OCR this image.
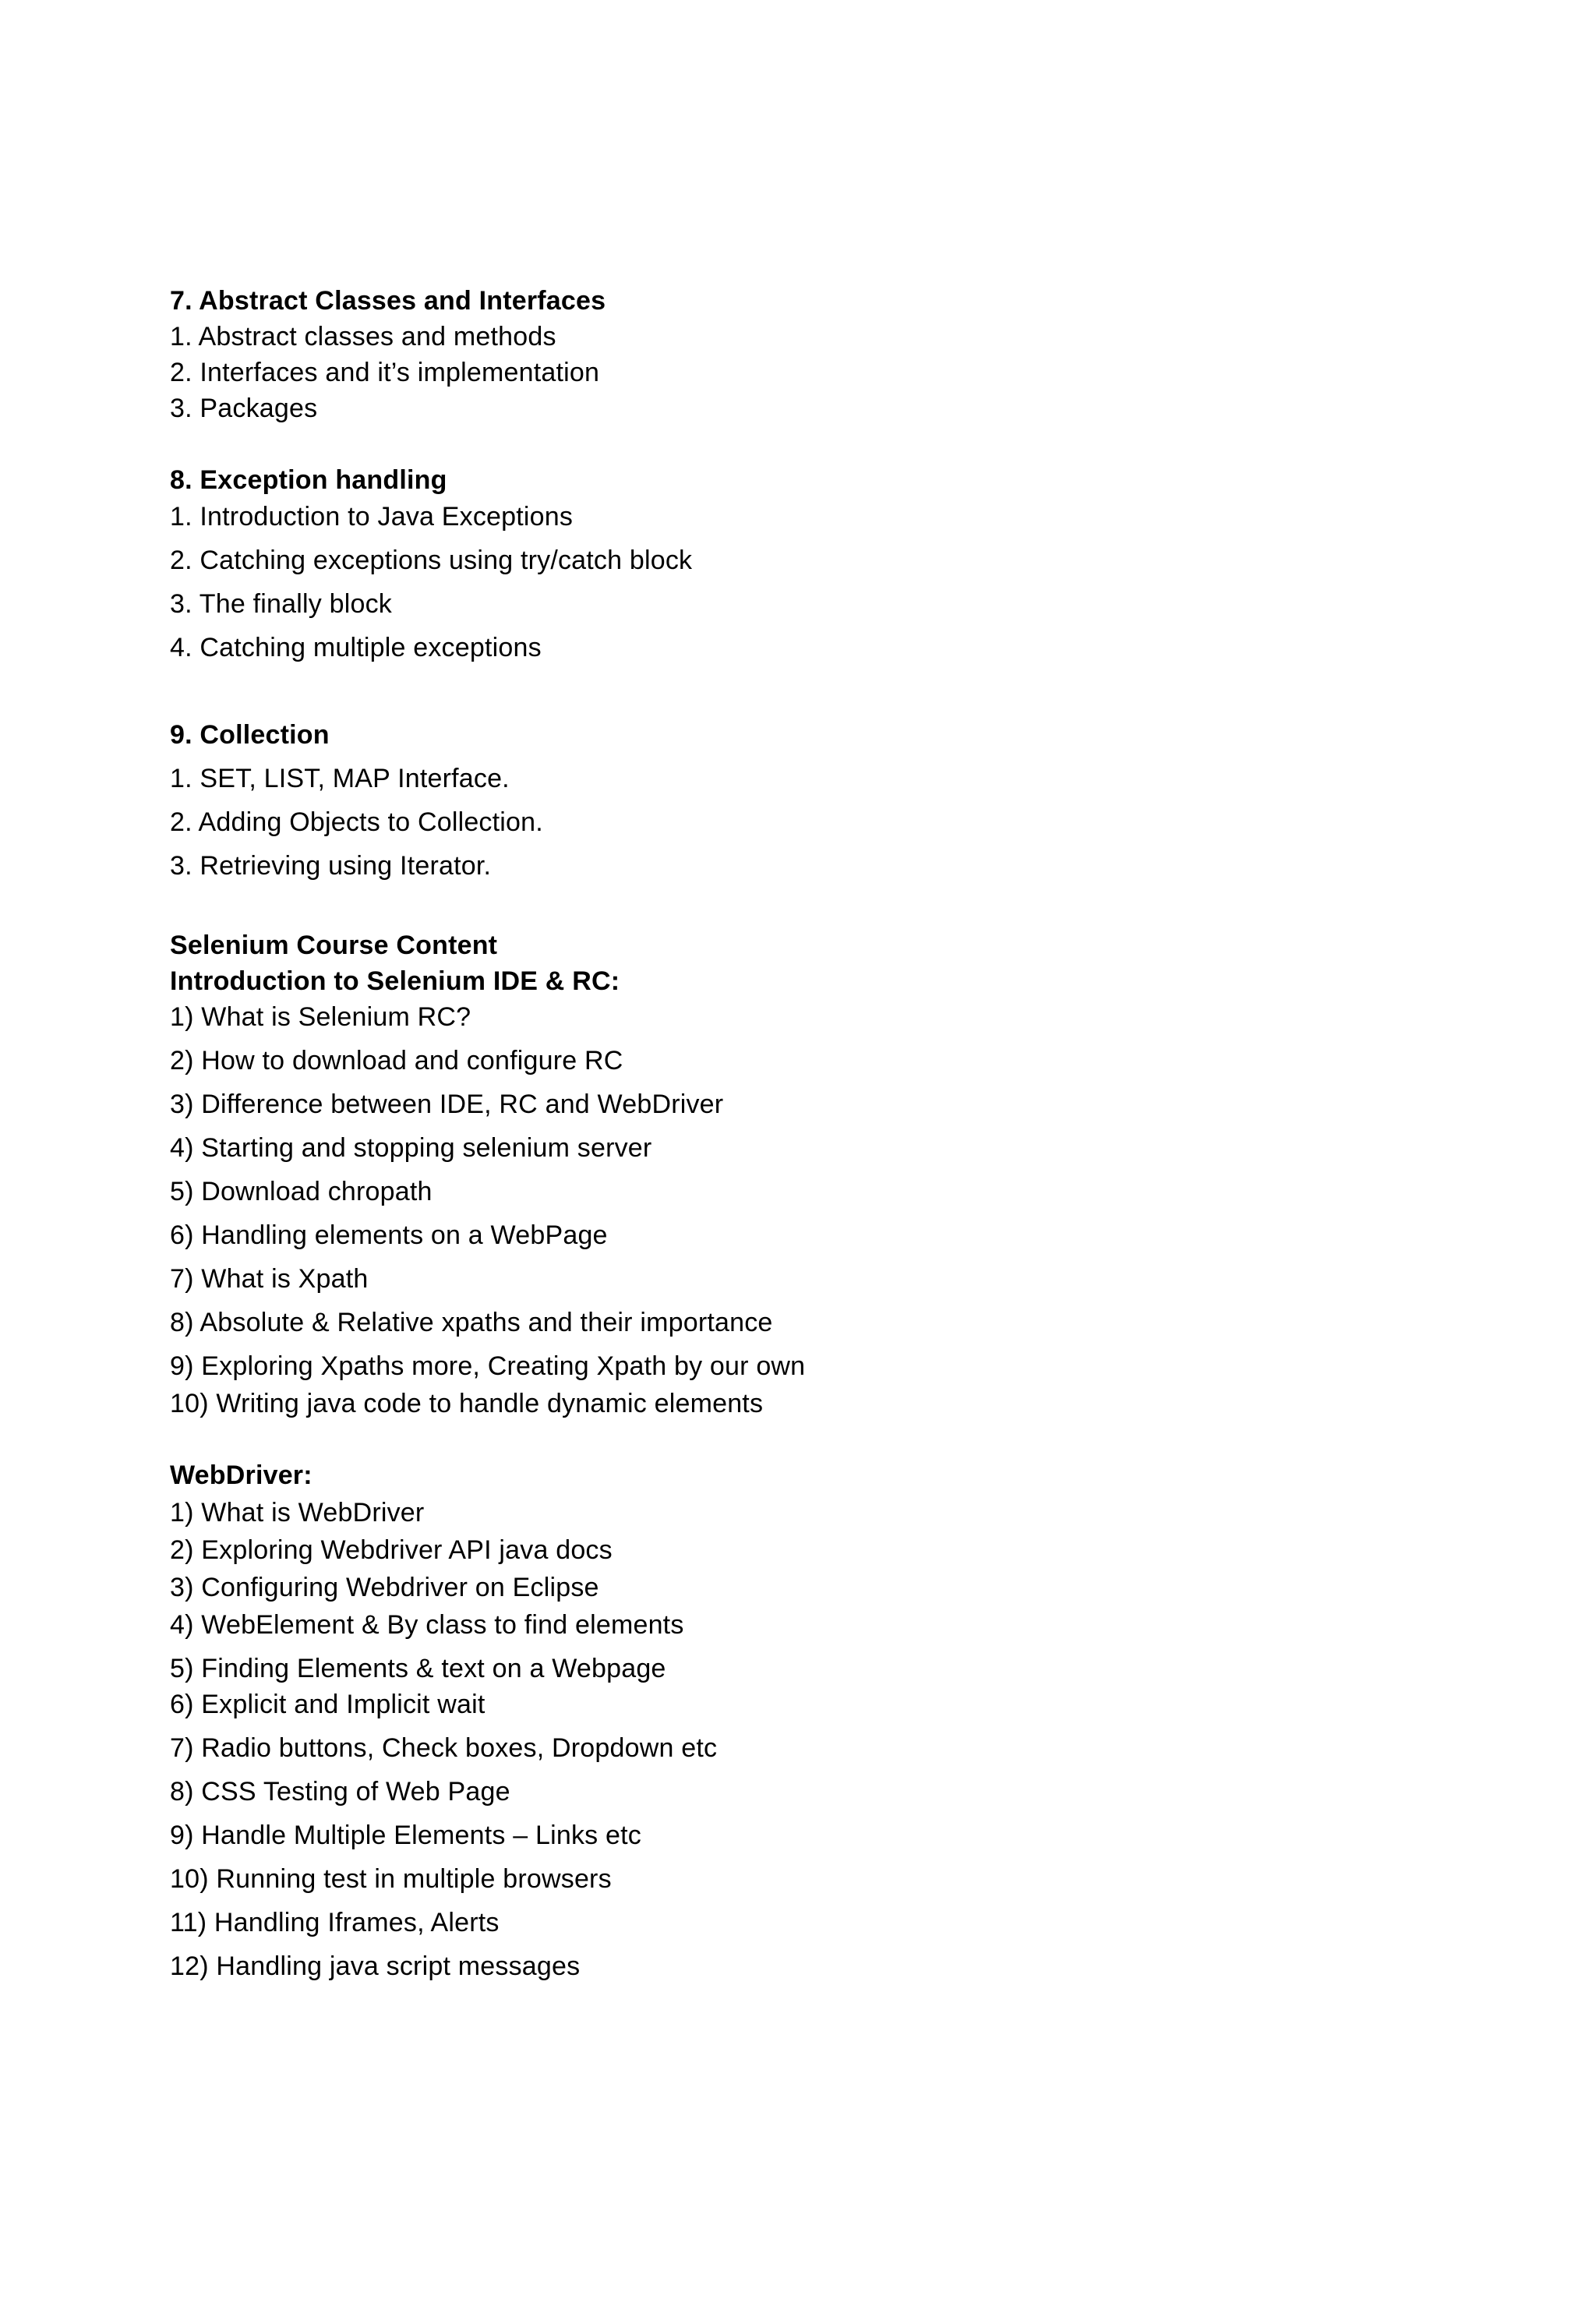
7. Abstract Classes and Interfaces
1. Abstract classes and methods
2. Interfaces and it’s implementation
3. Packages
8. Exception handling
1. Introduction to Java Exceptions
2. Catching exceptions using try/catch block
3. The finally block
4. Catching multiple exceptions
9. Collection
1. SET, LIST, MAP Interface.
2. Adding Objects to Collection.
3. Retrieving using Iterator.
Selenium Course Content
Introduction to Selenium IDE & RC:
1) What is Selenium RC?
2) How to download and configure RC
3) Difference between IDE, RC and WebDriver
4) Starting and stopping selenium server
5) Download chropath
6) Handling elements on a WebPage
7) What is Xpath
8) Absolute & Relative xpaths and their importance
9) Exploring Xpaths more, Creating Xpath by our own
10) Writing java code to handle dynamic elements
WebDriver:
1) What is WebDriver
2) Exploring Webdriver API java docs
3) Configuring Webdriver on Eclipse
4) WebElement & By class to find elements
5) Finding Elements & text on a Webpage
6) Explicit and Implicit wait
7) Radio buttons, Check boxes, Dropdown etc
8) CSS Testing of Web Page
9) Handle Multiple Elements – Links etc
10) Running test in multiple browsers
11) Handling Iframes, Alerts
12) Handling java script messages
